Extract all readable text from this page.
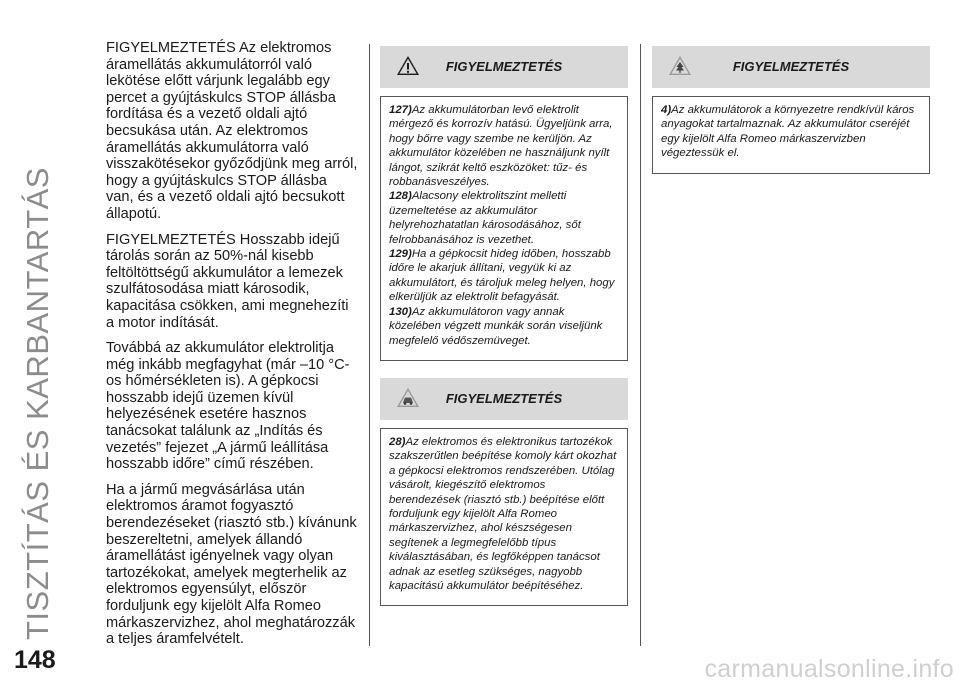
TISZTÍTÁS ÉS KARBANTARTÁS
148

FIGYELMEZTETÉS Az elektromos áramellátás akkumulátorról való lekötése előtt várjunk legalább egy percet a gyújtáskulcs STOP állásba fordítása és a vezető oldali ajtó becsukása után. Az elektromos áramellátás akkumulátorra való visszakötésekor győződjünk meg arról, hogy a gyújtáskulcs STOP állásba van, és a vezető oldali ajtó becsukott állapotú.

FIGYELMEZTETÉS Hosszabb idejű tárolás során az 50%-nál kisebb feltöltöttségű akkumulátor a lemezek szulfátosodása miatt károsodik, kapacitása csökken, ami megnehezíti a motor indítását.

Továbbá az akkumulátor elektrolitja még inkább megfagyhat (már –10 °C-os hőmérsékleten is). A gépkocsi hosszabb idejű üzemen kívül helyezésének esetére hasznos tanácsokat találunk az „Indítás és vezetés” fejezet „A jármű leállítása hosszabb időre” című részében.

Ha a jármű megvásárlása után elektromos áramot fogyasztó berendezéseket (riasztó stb.) kívánunk beszereltetni, amelyek állandó áramellátást igényelnek vagy olyan tartozékokat, amelyek megterhelik az elektromos egyensúlyt, először forduljunk egy kijelölt Alfa Romeo márkaszervizhez, ahol meghatározzák a teljes áramfelvételt.

FIGYELMEZTETÉS

127)Az akkumulátorban levő elektrolit mérgező és korrozív hatású. Ügyeljünk arra, hogy bőrre vagy szembe ne kerüljön. Az akkumulátor közelében ne használjunk nyílt lángot, szikrát keltő eszközöket: tűz- és robbanásveszélyes.

128)Alacsony elektrolitszint melletti üzemeltetése az akkumulátor helyrehozhatatlan károsodásához, sőt felrobbanásához is vezethet.

129)Ha a gépkocsit hideg időben, hosszabb időre le akarjuk állítani, vegyük ki az akkumulátort, és tároljuk meleg helyen, hogy elkerüljük az elektrolit befagyását.

130)Az akkumulátoron vagy annak közelében végzett munkák során viseljünk megfelelő védőszemüveget.

FIGYELMEZTETÉS

28)Az elektromos és elektronikus tartozékok szakszerűtlen beépítése komoly kárt okozhat a gépkocsi elektromos rendszerében. Utólag vásárolt, kiegészítő elektromos berendezések (riasztó stb.) beépítése előtt forduljunk egy kijelölt Alfa Romeo márkaszervizhez, ahol készségesen segítenek a legmegfelelőbb típus kiválasztásában, és legfőképpen tanácsot adnak az esetleg szükséges, nagyobb kapacitású akkumulátor beépítéséhez.

FIGYELMEZTETÉS

4)Az akkumulátorok a környezetre rendkívül káros anyagokat tartalmaznak. Az akkumulátor cseréjét egy kijelölt Alfa Romeo márkaszervizben végeztessük el.

carmanualsonline.info
